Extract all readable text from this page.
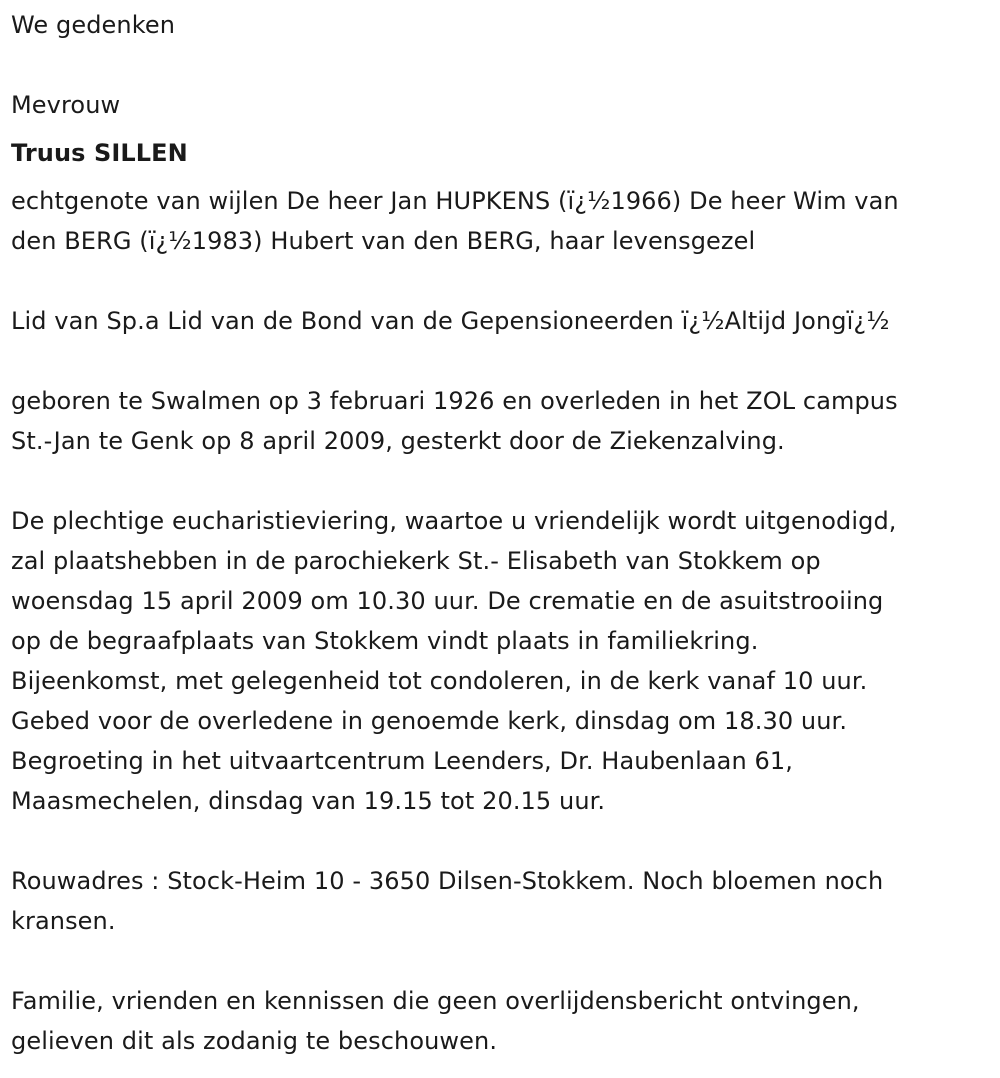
We gedenken
Mevrouw
Truus SILLEN
echtgenote van wijlen De heer Jan HUPKENS (ï¿½1966) De heer Wim van
den BERG (ï¿½1983) Hubert van den BERG, haar levensgezel
Lid van Sp.a Lid van de Bond van de Gepensioneerden ï¿½Altijd Jongï¿½
geboren te Swalmen op 3 februari 1926 en overleden in het ZOL campus
St.-Jan te Genk op 8 april 2009, gesterkt door de Ziekenzalving.
De plechtige eucharistieviering, waartoe u vriendelijk wordt uitgenodigd,
zal plaatshebben in de parochiekerk St.- Elisabeth van Stokkem op
woensdag 15 april 2009 om 10.30 uur. De crematie en de asuitstrooiing
op de begraafplaats van Stokkem vindt plaats in familiekring.
Bijeenkomst, met gelegenheid tot condoleren, in de kerk vanaf 10 uur.
Gebed voor de overledene in genoemde kerk, dinsdag om 18.30 uur.
Begroeting in het uitvaartcentrum Leenders, Dr. Haubenlaan 61,
Maasmechelen, dinsdag van 19.15 tot 20.15 uur.
Rouwadres : Stock-Heim 10 - 3650 Dilsen-Stokkem. Noch bloemen noch
kransen.
Familie, vrienden en kennissen die geen overlijdensbericht ontvingen,
gelieven dit als zodanig te beschouwen.
